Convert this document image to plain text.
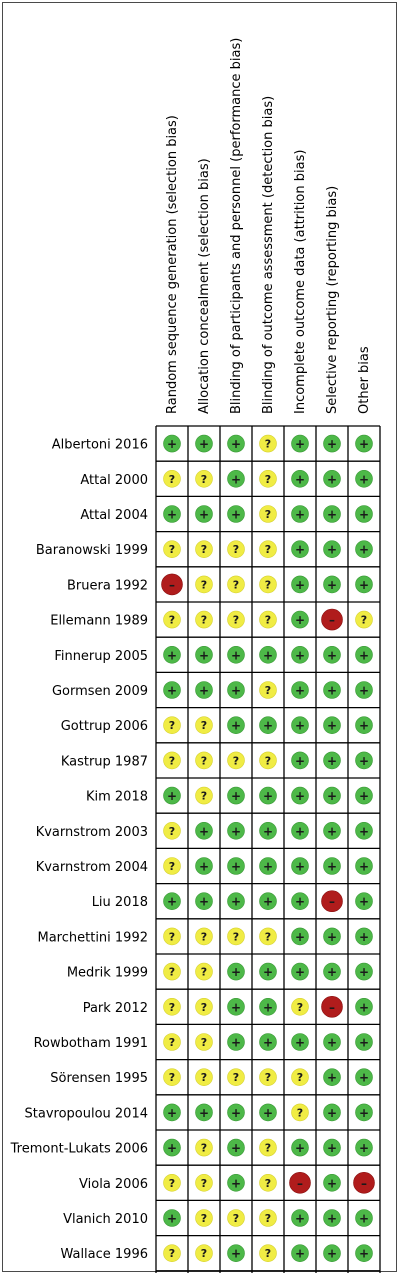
Random sequence generation (selection bias) Allocation concealment (selection bias) Blinding of participants and personnel (performance bias) Blinding of outcome assessment (detection bias) Incomplete outcome data (attrition bias) Selective reporting (reporting bias) Other bias
Albertoni 2016 + + + ? + + +
Attal 2000 ? ? + ? + + +
Attal 2004 + + + ? + + +
Baranowski 1999 ? ? ? ? + + +
Bruera 1992 – ? ? ? + + +
Ellemann 1989 ? ? ? ? + – ?
Finnerup 2005 + + + + + + +
Gormsen 2009 + + + ? + + +
Gottrup 2006 ? ? + + + + +
Kastrup 1987 ? ? ? ? + + +
Kim 2018 + ? + + + + +
Kvarnstrom 2003 ? + + + + + +
Kvarnstrom 2004 ? + + + + + +
Liu 2018 + + + + + – +
Marchettini 1992 ? ? ? ? + + +
Medrik 1999 ? ? + + + + +
Park 2012 ? ? + + ? – +
Rowbotham 1991 ? ? + + + + +
Sörensen 1995 ? ? ? ? ? + +
Stavropoulou 2014 + + + + ? + +
Tremont-Lukats 2006 + ? + ? + + +
Viola 2006 ? ? + ? – + –
Vlanich 2010 + ? ? ? + + +
Wallace 1996 ? ? + ? + + +
